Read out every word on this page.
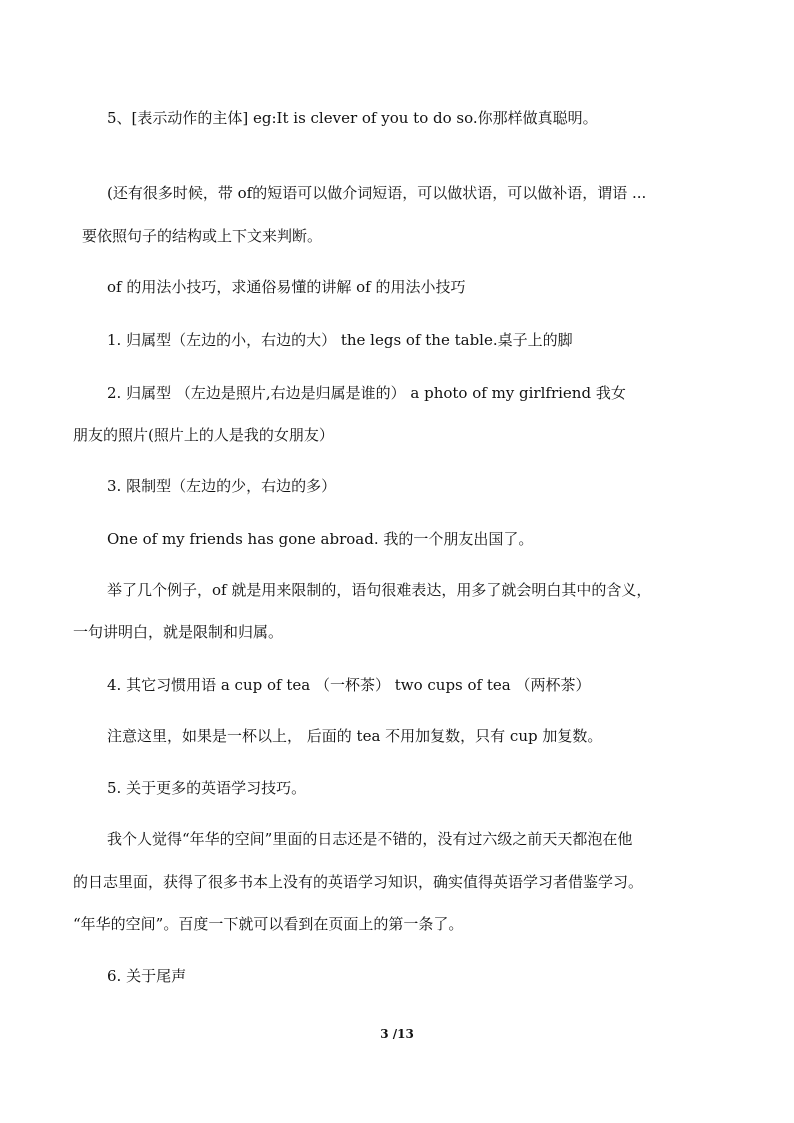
5、[表示动作的主体] eg:It is clever of you to do so.你那样做真聪明。
(还有很多时候，带 of的短语可以做介词短语，可以做状语，可以做补语，谓语 ...
要依照句子的结构或上下文来判断。
of 的用法小技巧，求通俗易懂的讲解 of 的用法小技巧
1. 归属型（左边的小，右边的大） the legs of the table.桌子上的脚
2. 归属型 （左边是照片,右边是归属是谁的） a photo of my girlfriend 我女
朋友的照片(照片上的人是我的女朋友）
3. 限制型（左边的少，右边的多）
One of my friends has gone abroad. 我的一个朋友出国了。
举了几个例子，of 就是用来限制的，语句很难表达，用多了就会明白其中的含义，
一句讲明白，就是限制和归属。
4. 其它习惯用语 a cup of tea （一杯茶） two cups of tea （两杯茶）
注意这里，如果是一杯以上， 后面的 tea 不用加复数，只有 cup 加复数。
5. 关于更多的英语学习技巧。
我个人觉得“年华的空间”里面的日志还是不错的，没有过六级之前天天都泡在他
的日志里面，获得了很多书本上没有的英语学习知识，确实值得英语学习者借鉴学习。
“年华的空间”。百度一下就可以看到在页面上的第一条了。
6. 关于尾声
3 /13
